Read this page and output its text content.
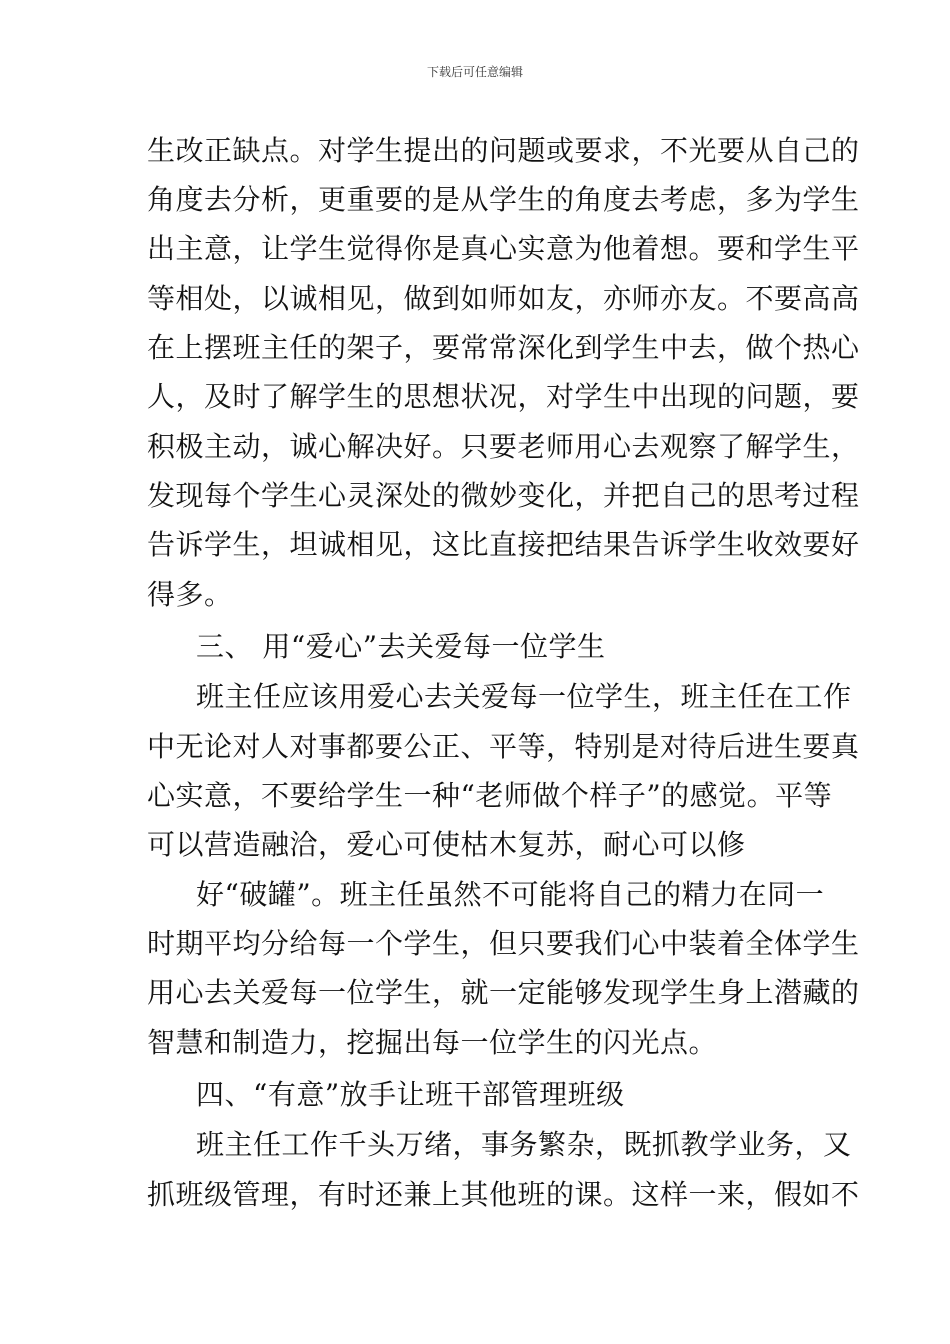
下载后可任意编辑
生改正缺点。对学生提出的问题或要求，不光要从自己的
角度去分析，更重要的是从学生的角度去考虑，多为学生
出主意，让学生觉得你是真心实意为他着想。要和学生平
等相处，以诚相见，做到如师如友，亦师亦友。不要高高
在上摆班主任的架子，要常常深化到学生中去，做个热心
人，及时了解学生的思想状况，对学生中出现的问题，要
积极主动，诚心解决好。只要老师用心去观察了解学生，
发现每个学生心灵深处的微妙变化，并把自己的思考过程
告诉学生，坦诚相见，这比直接把结果告诉学生收效要好
得多。
三、 用“爱心”去关爱每一位学生
班主任应该用爱心去关爱每一位学生，班主任在工作
中无论对人对事都要公正、平等，特别是对待后进生要真
心实意，不要给学生一种“老师做个样子”的感觉。平等
可以营造融洽，爱心可使枯木复苏，耐心可以修
好“破罐”。班主任虽然不可能将自己的精力在同一
时期平均分给每一个学生，但只要我们心中装着全体学生
用心去关爱每一位学生，就一定能够发现学生身上潜藏的
智慧和制造力，挖掘出每一位学生的闪光点。
四、“有意”放手让班干部管理班级
班主任工作千头万绪，事务繁杂，既抓教学业务，又
抓班级管理，有时还兼上其他班的课。这样一来，假如不
